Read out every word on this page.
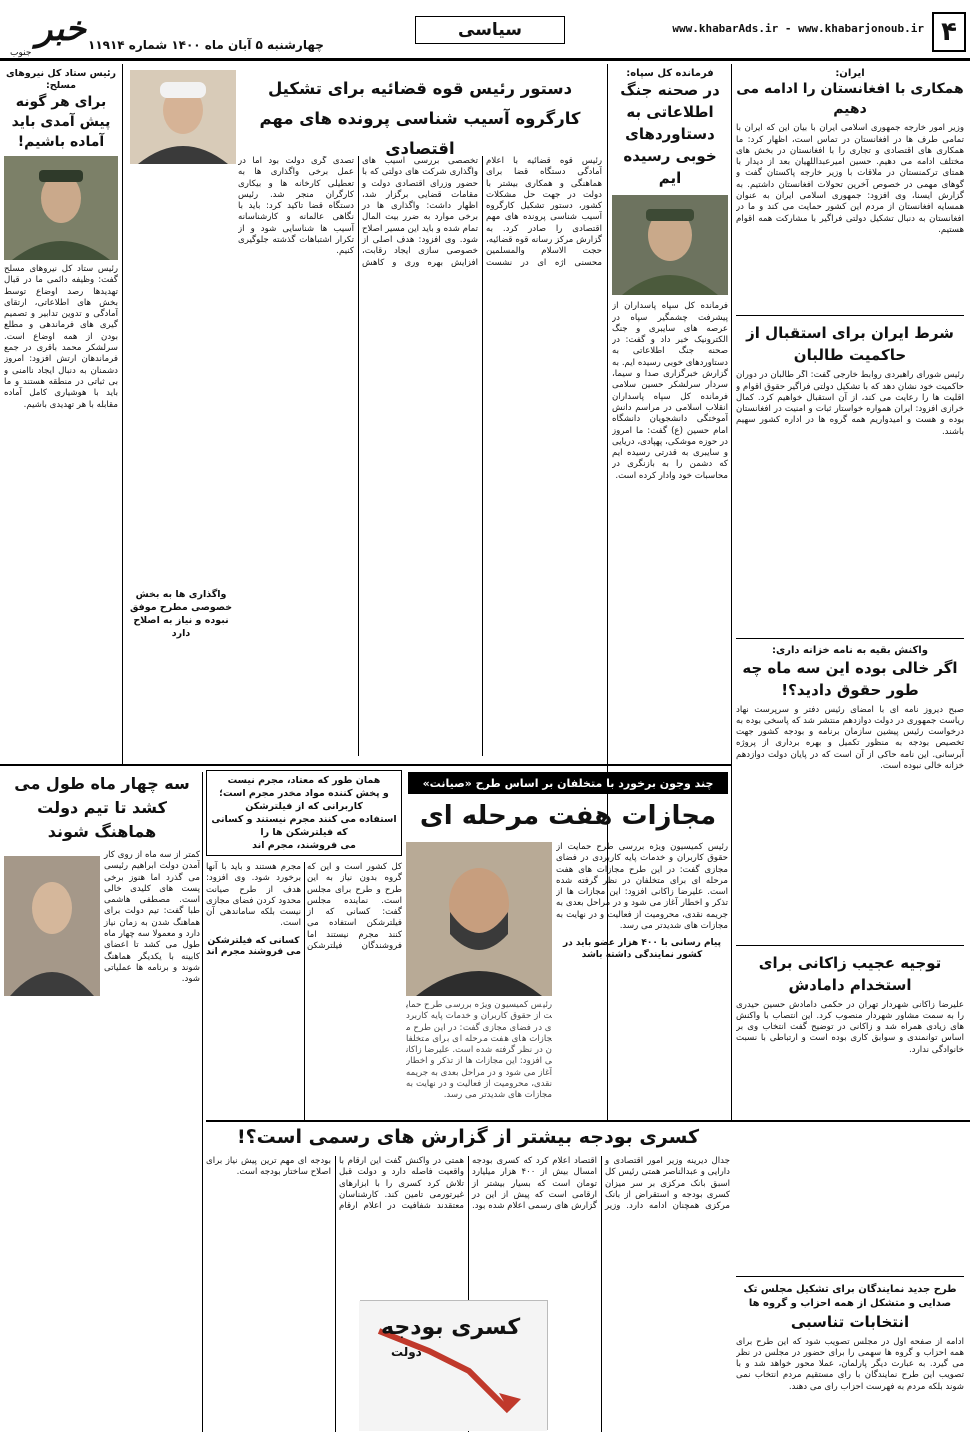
۴
www.khabarAds.ir - www.khabarjonoub.ir
سیاسی
چهارشنبه ۵ آبان ماه ۱۴۰۰ شماره ۱۱۹۱۴
خبر
جنوب
ایران:
همکاری با افغانستان را ادامه می دهیم
وزیر امور خارجه جمهوری اسلامی ایران با بیان این که ایران با تمامی طرف ها در افغانستان در تماس است، اظهار کرد: ما همکاری های اقتصادی و تجاری را با افغانستان در بخش های مختلف ادامه می دهیم. حسین امیرعبداللهیان بعد از دیدار با همتای ترکمنستان در ملاقات با وزیر خارجه پاکستان گفت و گوهای مهمی در خصوص آخرین تحولات افغانستان داشتیم. به گزارش ایسنا، وی افزود: جمهوری اسلامی ایران به عنوان همسایه افغانستان از مردم این کشور حمایت می کند و ما در افغانستان به دنبال تشکیل دولتی فراگیر با مشارکت همه اقوام هستیم.
شرط ایران برای استقبال از حاکمیت طالبان
رئیس شورای راهبردی روابط خارجی گفت: اگر طالبان در دوران حاکمیت خود نشان دهد که با تشکیل دولتی فراگیر حقوق اقوام و اقلیت ها را رعایت می کند، از آن استقبال خواهیم کرد. کمال خرازی افزود: ایران همواره خواستار ثبات و امنیت در افغانستان بوده و هست و امیدواریم همه گروه ها در اداره کشور سهیم باشند.
واکنش بقیه به نامه خزانه داری:
اگر خالی بوده این سه ماه چه طور حقوق دادید؟!
صبح دیروز نامه ای با امضای رئیس دفتر و سرپرست نهاد ریاست جمهوری در دولت دوازدهم منتشر شد که پاسخی بوده به درخواست رئیس پیشین سازمان برنامه و بودجه کشور جهت تخصیص بودجه به منظور تکمیل و بهره برداری از پروژه آبرسانی. این نامه حاکی از آن است که در پایان دولت دوازدهم خزانه خالی نبوده است.
توجیه عجیب زاکانی برای استخدام دامادش
علیرضا زاکانی شهردار تهران در حکمی دامادش حسین حیدری را به سمت مشاور شهردار منصوب کرد. این انتصاب با واکنش های زیادی همراه شد و زاکانی در توضیح گفت انتخاب وی بر اساس توانمندی و سوابق کاری بوده است و ارتباطی با نسبت خانوادگی ندارد.
طرح جدید نمایندگان برای تشکیل مجلس تک صدایی و متشکل از همه احزاب و گروه ها
انتخابات تناسبی
ادامه از صفحه اول در مجلس تصویب شود که این طرح برای همه احزاب و گروه ها سهمی را برای حضور در مجلس در نظر می گیرد. به عبارت دیگر پارلمان، عملا محور خواهد شد و با تصویب این طرح نمایندگان با رای مستقیم مردم انتخاب نمی شوند بلکه مردم به فهرست احزاب رای می دهند.
فرمانده کل سپاه:
در صحنه جنگ اطلاعاتی به دستاوردهای خوبی رسیده ایم
فرمانده کل سپاه پاسداران از پیشرفت چشمگیر سپاه در عرصه های سایبری و جنگ الکترونیک خبر داد و گفت: در صحنه جنگ اطلاعاتی به دستاوردهای خوبی رسیده ایم. به گزارش خبرگزاری صدا و سیما، سردار سرلشکر حسین سلامی فرمانده کل سپاه پاسداران انقلاب اسلامی در مراسم دانش آموختگی دانشجویان دانشگاه امام حسین (ع) گفت: ما امروز در حوزه موشکی، پهپادی، دریایی و سایبری به قدرتی رسیده ایم که دشمن را به بازنگری در محاسبات خود وادار کرده است.
دستور رئیس قوه قضائیه برای تشکیل کارگروه آسیب شناسی پرونده های مهم اقتصادی
رئیس قوه قضائیه با اعلام آمادگی دستگاه قضا برای هماهنگی و همکاری بیشتر با دولت در جهت حل مشکلات کشور، دستور تشکیل کارگروه آسیب شناسی پرونده های مهم اقتصادی را صادر کرد. به گزارش مرکز رسانه قوه قضائیه، حجت الاسلام والمسلمین محسنی اژه ای در نشست تخصصی بررسی آسیب های واگذاری شرکت های دولتی که با حضور وزرای اقتصادی دولت و مقامات قضایی برگزار شد، اظهار داشت: واگذاری ها در برخی موارد به ضرر بیت المال تمام شده و باید این مسیر اصلاح شود. وی افزود: هدف اصلی از خصوصی سازی ایجاد رقابت، افزایش بهره وری و کاهش تصدی گری دولت بود اما در عمل برخی واگذاری ها به تعطیلی کارخانه ها و بیکاری کارگران منجر شد. رئیس دستگاه قضا تاکید کرد: باید با نگاهی عالمانه و کارشناسانه آسیب ها شناسایی شود و از تکرار اشتباهات گذشته جلوگیری کنیم.
واگذاری ها به بخش خصوصی مطرح موفق نبوده و نیاز به اصلاح دارد
رئیس ستاد کل نیروهای مسلح:
برای هر گونه پیش آمدی باید آماده باشیم!
رئیس ستاد کل نیروهای مسلح گفت: وظیفه دائمی ما در قبال تهدیدها رصد اوضاع توسط بخش های اطلاعاتی، ارتقای آمادگی و تدوین تدابیر و تصمیم گیری های فرماندهی و مطلع بودن از همه اوضاع است. سرلشکر محمد باقری در جمع فرماندهان ارتش افزود: امروز دشمنان به دنبال ایجاد ناامنی و بی ثباتی در منطقه هستند و ما باید با هوشیاری کامل آماده مقابله با هر تهدیدی باشیم.
سه چهار ماه طول می کشد تا تیم دولت هماهنگ شوند
کمتر از سه ماه از روی کار آمدن دولت ابراهیم رئیسی می گذرد اما هنوز برخی پست های کلیدی خالی است. مصطفی هاشمی طبا گفت: تیم دولت برای هماهنگ شدن به زمان نیاز دارد و معمولا سه چهار ماه طول می کشد تا اعضای کابینه با یکدیگر هماهنگ شوند و برنامه ها عملیاتی شود.
همان طور که معتاد، مجرم نیست
و پخش کننده مواد مخدر مجرم است؛ کاربرانی که از فیلترشکن
استفاده می کنند مجرم نیستند و کسانی که فیلترشکن ها را
می فروشند، مجرم اند
کل کشور است و این که گروه بدون نیاز به این طرح و طرح برای مجلس است. نماینده مجلس گفت: کسانی که از فیلترشکن استفاده می کنند مجرم نیستند اما فروشندگان فیلترشکن مجرم هستند و باید با آنها برخورد شود. وی افزود: هدف از طرح صیانت محدود کردن فضای مجازی نیست بلکه ساماندهی آن است.
کسانی که فیلترشکن می فروشند مجرم اند
چند وجون برخورد با متخلفان بر اساس طرح «صیانت»
مجازات هفت مرحله ای
رئیس کمیسیون ویژه بررسی طرح حمایت از حقوق کاربران و خدمات پایه کاربردی در فضای مجازی گفت: در این طرح مجازات های هفت مرحله ای برای متخلفان در نظر گرفته شده است. علیرضا زاکانی افزود: این مجازات ها از تذکر و اخطار آغاز می شود و در مراحل بعدی به جریمه نقدی، محرومیت از فعالیت و در نهایت به مجازات های شدیدتر می رسد.
پیام رسانی با ۴۰۰ هزار عضو باید در کشور نمایندگی داشته باشد
رئیس کمیسیون ویژه بررسی طرح حمایت از حقوق کاربران و خدمات پایه کاربردی در فضای مجازی گفت: در این طرح مجازات های هفت مرحله ای برای متخلفان در نظر گرفته شده است. علیرضا زاکانی افزود: این مجازات ها از تذکر و اخطار آغاز می شود و در مراحل بعدی به جریمه نقدی، محرومیت از فعالیت و در نهایت به مجازات های شدیدتر می رسد.
کسری بودجه بیشتر از گزارش های رسمی است؟!
جدال دیرینه وزیر امور اقتصادی و دارایی و عبدالناصر همتی رئیس کل اسبق بانک مرکزی بر سر میزان کسری بودجه و استقراض از بانک مرکزی همچنان ادامه دارد. وزیر اقتصاد اعلام کرد که کسری بودجه امسال بیش از ۴۰۰ هزار میلیارد تومان است که بسیار بیشتر از ارقامی است که پیش از این در گزارش های رسمی اعلام شده بود. همتی در واکنش گفت این ارقام با واقعیت فاصله دارد و دولت قبل تلاش کرد کسری را با ابزارهای غیرتورمی تامین کند. کارشناسان معتقدند شفافیت در اعلام ارقام بودجه ای مهم ترین پیش نیاز برای اصلاح ساختار بودجه است.
کسری بودجه
دولت
